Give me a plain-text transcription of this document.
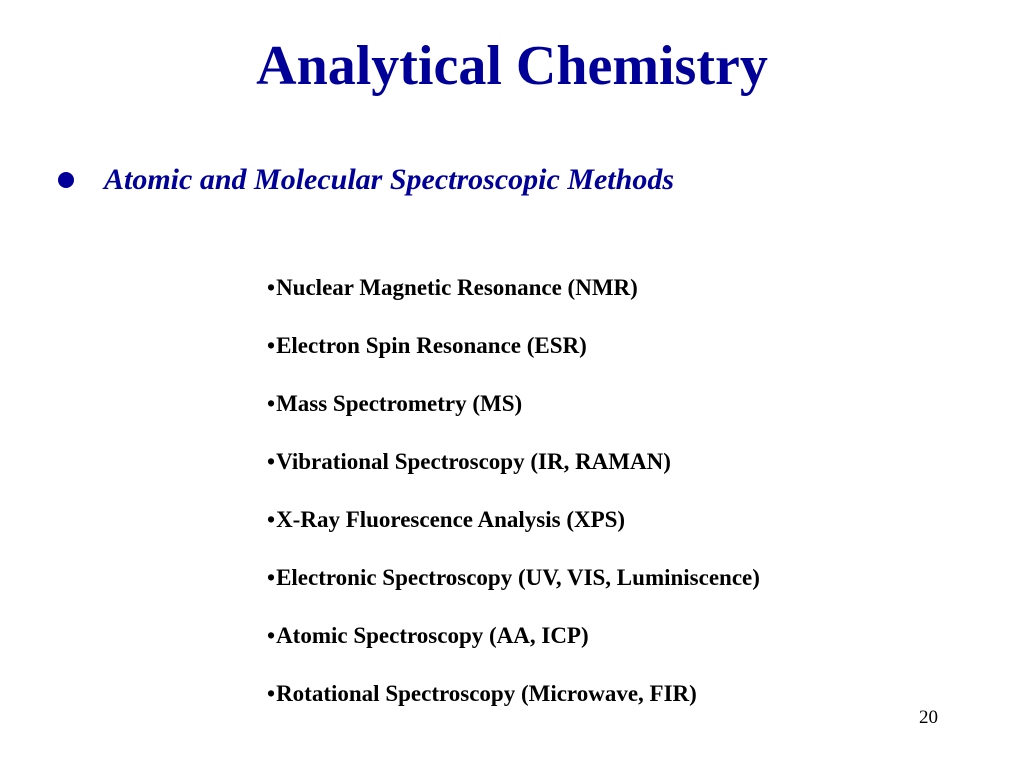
Analytical Chemistry
Atomic and Molecular Spectroscopic Methods
• Nuclear Magnetic Resonance (NMR)
• Electron Spin Resonance (ESR)
• Mass Spectrometry (MS)
• Vibrational Spectroscopy (IR, RAMAN)
• X-Ray Fluorescence Analysis (XPS)
• Electronic Spectroscopy (UV, VIS, Luminiscence)
• Atomic Spectroscopy (AA, ICP)
• Rotational Spectroscopy (Microwave, FIR)
20
